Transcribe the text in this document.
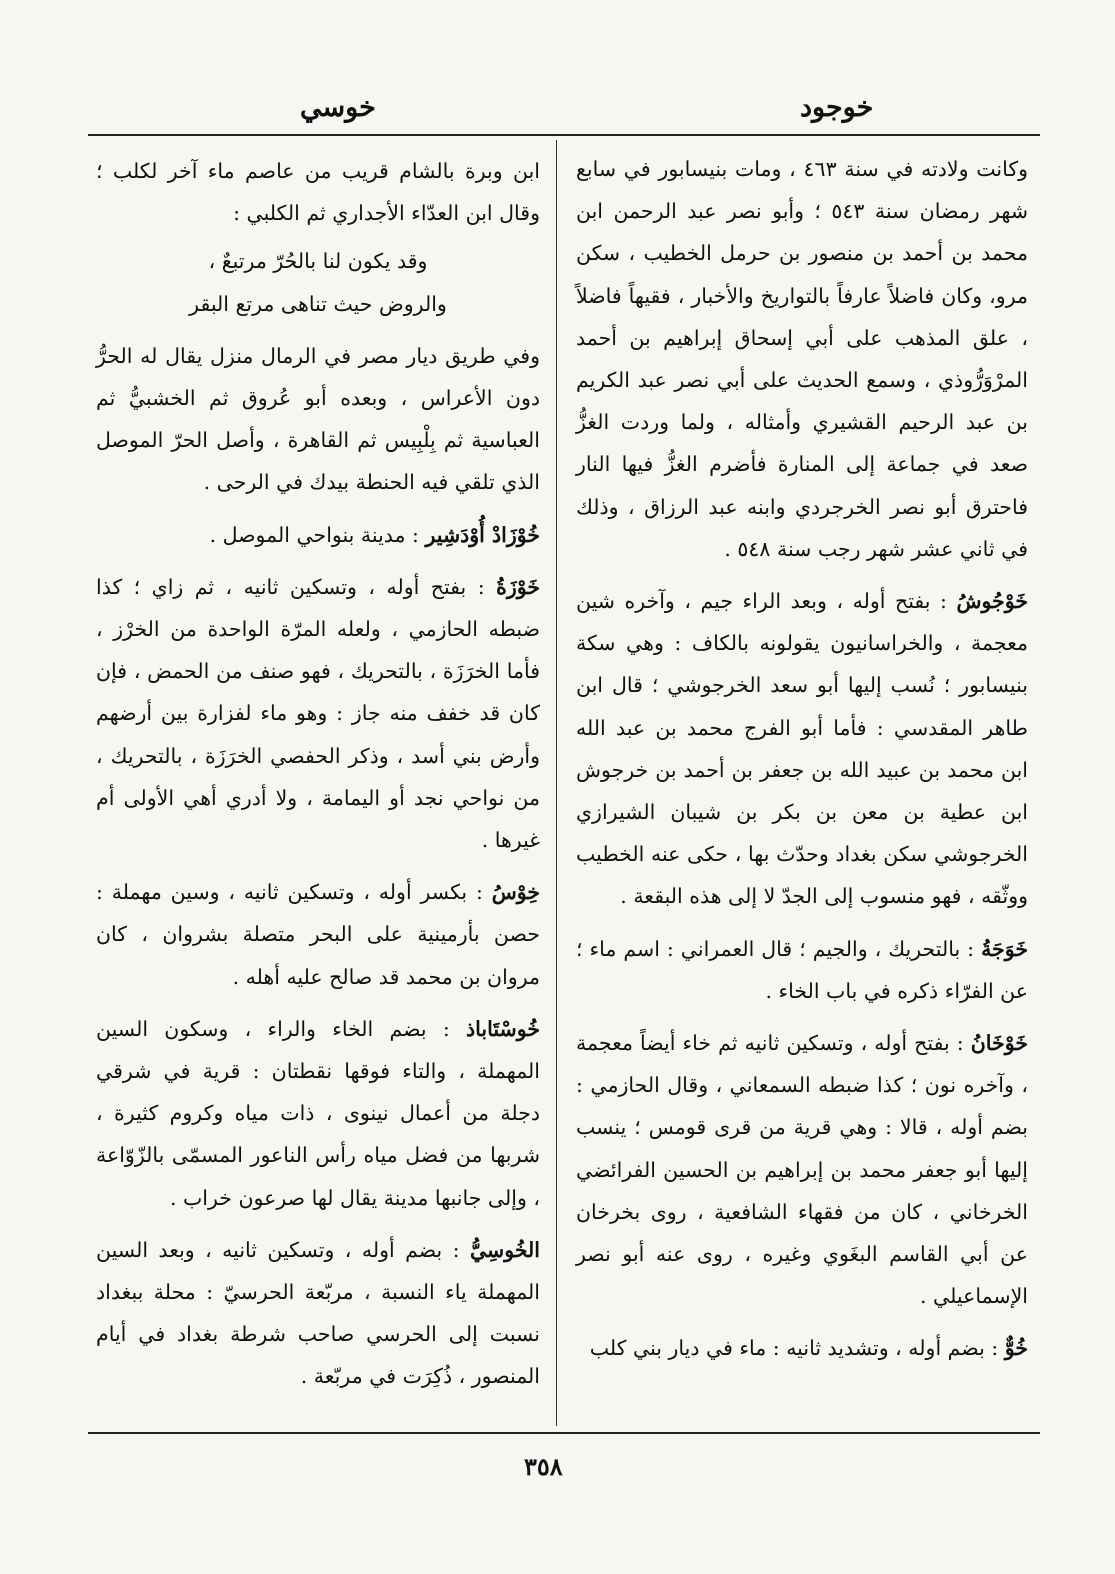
خوجود
خوسي

وكانت ولادته في سنة ٤٦٣ ، ومات بنيسابور في سابع شهر رمضان سنة ٥٤٣ ؛ وأبو نصر عبد الرحمن ابن محمد بن أحمد بن منصور بن حرمل الخطيب ، سكن مرو، وكان فاضلاً عارفاً بالتواريخ والأخبار ، فقيهاً فاضلاً ، علق المذهب على أبي إسحاق إبراهيم بن أحمد المرْوَرُّوذي ، وسمع الحديث على أبي نصر عبد الكريم بن عبد الرحيم القشيري وأمثاله ، ولما وردت الغزُّ صعد في جماعة إلى المنارة فأضرم الغزُّ فيها النار فاحترق أبو نصر الخرجردي وابنه عبد الرزاق ، وذلك في ثاني عشر شهر رجب سنة ٥٤٨ .

خَوْجُوشُ : بفتح أوله ، وبعد الراء جيم ، وآخره شين معجمة ، والخراسانيون يقولونه بالكاف : وهي سكة بنيسابور ؛ نُسب إليها أبو سعد الخرجوشي ؛ قال ابن طاهر المقدسي : فأما أبو الفرج محمد بن عبد الله ابن محمد بن عبيد الله بن جعفر بن أحمد بن خرجوش ابن عطية بن معن بن بكر بن شيبان الشيرازي الخرجوشي سكن بغداد وحدّث بها ، حكى عنه الخطيب ووثّقه ، فهو منسوب إلى الجدّ لا إلى هذه البقعة .

خَوَجَةُ : بالتحريك ، والجيم ؛ قال العمراني : اسم ماء ؛ عن الفرّاء ذكره في باب الخاء .

خَوْخَانُ : بفتح أوله ، وتسكين ثانيه ثم خاء أيضاً معجمة ، وآخره نون ؛ كذا ضبطه السمعاني ، وقال الحازمي : بضم أوله ، قالا : وهي قرية من قرى قومس ؛ ينسب إليها أبو جعفر محمد بن إبراهيم بن الحسين الفرائضي الخرخاني ، كان من فقهاء الشافعية ، روى بخرخان عن أبي القاسم البغَوي وغيره ، روى عنه أبو نصر الإسماعيلي .

خُوٌّ : بضم أوله ، وتشديد ثانيه : ماء في ديار بني كلب

ابن وبرة بالشام قريب من عاصم ماء آخر لكلب ؛ وقال ابن العدّاء الأجداري ثم الكلبي :

وقد يكون لنا بالحُرّ مرتبعٌ ،

والروض حيث تناهى مرتع البقر

وفي طريق ديار مصر في الرمال منزل يقال له الحرُّ دون الأعراس ، وبعده أبو عُروق ثم الخشبيُّ ثم العباسية ثم بِلْبِيس ثم القاهرة ، وأصل الحرّ الموصل الذي تلقي فيه الحنطة بيدك في الرحى .

خُوْزَادْ أُوْدَشِير : مدينة بنواحي الموصل .

خَوْزَةُ : بفتح أوله ، وتسكين ثانيه ، ثم زاي ؛ كذا ضبطه الحازمي ، ولعله المرّة الواحدة من الخرْز ، فأما الخرَزَة ، بالتحريك ، فهو صنف من الحمض ، فإن كان قد خفف منه جاز : وهو ماء لفزارة بين أرضهم وأرض بني أسد ، وذكر الحفصي الخرَزَة ، بالتحريك ، من نواحي نجد أو اليمامة ، ولا أدري أهي الأولى أم غيرها .

خِوْسُ : بكسر أوله ، وتسكين ثانيه ، وسين مهملة : حصن بأرمينية على البحر متصلة بشروان ، كان مروان بن محمد قد صالح عليه أهله .

خُوسْتَاباذ : بضم الخاء والراء ، وسكون السين المهملة ، والتاء فوقها نقطتان : قرية في شرقي دجلة من أعمال نينوى ، ذات مياه وكروم كثيرة ، شربها من فضل مياه رأس الناعور المسمّى بالزّوّاعة ، وإلى جانبها مدينة يقال لها صرعون خراب .

الخُوسِيُّ : بضم أوله ، وتسكين ثانيه ، وبعد السين المهملة ياء النسبة ، مربّعة الحرسيّ : محلة ببغداد نسبت إلى الحرسي صاحب شرطة بغداد في أيام المنصور ، ذُكِرَت في مربّعة .

٣٥٨
